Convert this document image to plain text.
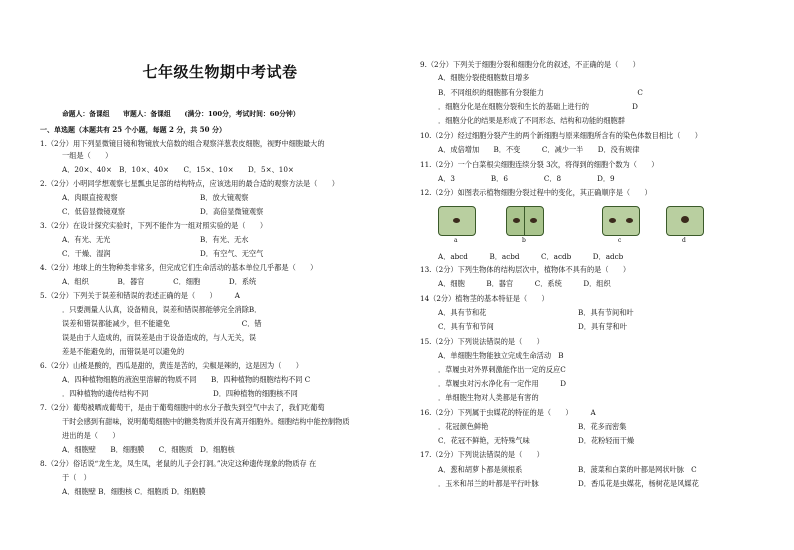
七年级生物期中考试卷
命题人：备课组　　审题人：备课组　　(满分：100分，考试时间：60分钟）
一、单选题（本题共有 25 个小题，每题 2 分，共 50 分）
1.（2分）用下列显微镜目镜和物镜放大倍数的组合观察洋葱表皮细胞，视野中细胞最大的
一组是（　　）
A．20×、40×　B．10×、40×　　C．15×、10×　　D．5×、10×
2.（2分）小明同学想观察七星瓢虫足部的结构特点，应该选用的最合适的观察方法是（　　）
A．肉眼直接观察	B．放大镜观察
C．低倍显微镜观察	D．高倍显微镜观察
3.（2分）在设计探究实验时，下列不能作为一组对照实验的是（　　）
A．有光、无光	B．有光、无水
C．干燥、湿润	D．有空气、无空气
4.（2分）地球上的生物种类非常多，但完成它们生命活动的基本单位几乎都是（　　）
A．组织　　　　B．器官　　　　C．细胞　　　　D．系统
5.（2分）下列关于误差和错误的表述正确的是（　　）　　　A
．只要测量人认真，设备精良，误差和错误都能够完全消除B．
误差和错误都能减少，但不能避免　　　　　　　　　　C．错
误是由于人造成的，而误差是由于设备造成的，与人无关，误
差是不能避免的，而错误是可以避免的
6.（2分）山楂是酸的，西瓜是甜的，黄连是苦的，尖椒是辣的，这是因为（　　）
A．四种植物细胞的液泡里溶解的物质不同　　B．四种植物的细胞结构不同 C
．四种植物的遗传结构不同　　　　　　　　　D．四种植物的细胞核不同
7.（2分）葡萄被晒成葡萄干，是由于葡萄细胞中的水分子散失到空气中去了，我们吃葡萄
干时会感到有甜味，说明葡萄细胞中的糖类物质并没有离开细胞外。细胞结构中能控制物质
进出的是（　　）
A．细胞壁　　B．细胞膜　　C．细胞质　D．细胞核
8.（2分）俗话说“龙生龙，凤生凤，老鼠的儿子会打洞。”决定这种遗传现象的物质存 在
于（　）
A．细胞壁 B．细胞核 C．细胞质 D．细胞膜
9.（2分）下列关于细胞分裂和细胞分化的叙述，不正确的是（　　）
A．细胞分裂使细胞数目增多
B．不同组织的细胞都有分裂能力　　　　　　　　　　　　　C
．细胞分化是在细胞分裂和生长的基础上进行的　　　　　　D
．细胞分化的结果是形成了不同形态、结构和功能的细胞群
10.（2分）经过细胞分裂产生的两个新细胞与原来细胞所含有的染色体数目相比（　　）
A．成倍增加　　B．不变　　　C．减少一半　　D．没有规律
11.（2分）一个白菜根尖细胞连续分裂 3次，将得到的细胞个数为（　　）
A．3　　　　　B．6　　　　　C．8　　　　　D．9
12.（2分）如图表示植物细胞分裂过程中的变化，其正确顺序是（　　）
A．abcd　　　B．acbd　　　C．acdb　　　D．adcb
13.（2分）下列生物体的结构层次中，植物体不具有的是（　　）
A．细胞　　　B．器官　　　C．系统　　　D．组织
14（2分）植物茎的基本特征是（　　）
A．具有节和花	B．具有节间和叶
C．具有节和节间	D．具有芽和叶
15.（2分）下列说法错误的是（　　）
A．单细胞生物能独立完成生命活动　B
．草履虫对外界刺激能作出一定的反应C
．草履虫对污水净化有一定作用　　　D
．单细胞生物对人类都是有害的
16.（2分）下列属于虫媒花的特征的是（　　）　　　A
．花冠颜色鲜艳	B．花多而密集
C．花冠不鲜艳，无特殊气味	D．花粉轻而干燥
17.（2分）下列说法错误的是（　　）
A．葱和胡萝卜都是须根系	B．菠菜和白菜的叶都是网状叶脉　C
．玉米和吊兰的叶都是平行叶脉	D．香瓜花是虫媒花，杨树花是风媒花
a	b	c	d
